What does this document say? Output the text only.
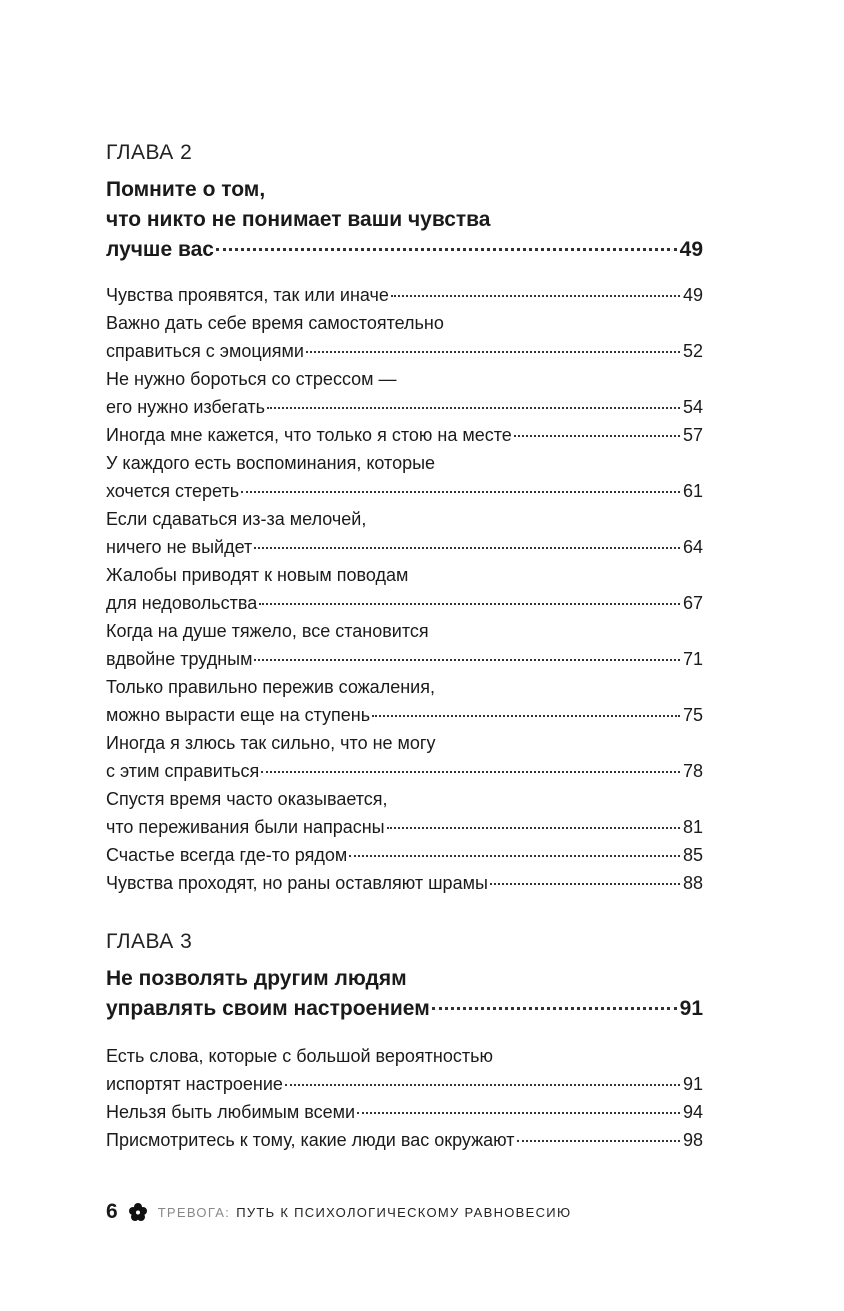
ГЛАВА 2

Помните о том,
что никто не понимает ваши чувства
лучше вас	49
Чувства проявятся, так или иначе	49
Важно дать себе время самостоятельно
справиться с эмоциями	52
Не нужно бороться со стрессом —
его нужно избегать	54
Иногда мне кажется, что только я стою на месте	57
У каждого есть воспоминания, которые
хочется стереть	61
Если сдаваться из-за мелочей,
ничего не выйдет	64
Жалобы приводят к новым поводам
для недовольства	67
Когда на душе тяжело, все становится
вдвойне трудным	71
Только правильно пережив сожаления,
можно вырасти еще на ступень	75
Иногда я злюсь так сильно, что не могу
с этим справиться	78
Спустя время часто оказывается,
что переживания были напрасны	81
Счастье всегда где-то рядом	85
Чувства проходят, но раны оставляют шрамы	88

ГЛАВА 3

Не позволять другим людям
управлять своим настроением	91
Есть слова, которые с большой вероятностью
испортят настроение	91
Нельзя быть любимым всеми	94
Присмотритесь к тому, какие люди вас окружают	98
6	ТРЕВОГА: ПУТЬ К ПСИХОЛОГИЧЕСКОМУ РАВНОВЕСИЮ
